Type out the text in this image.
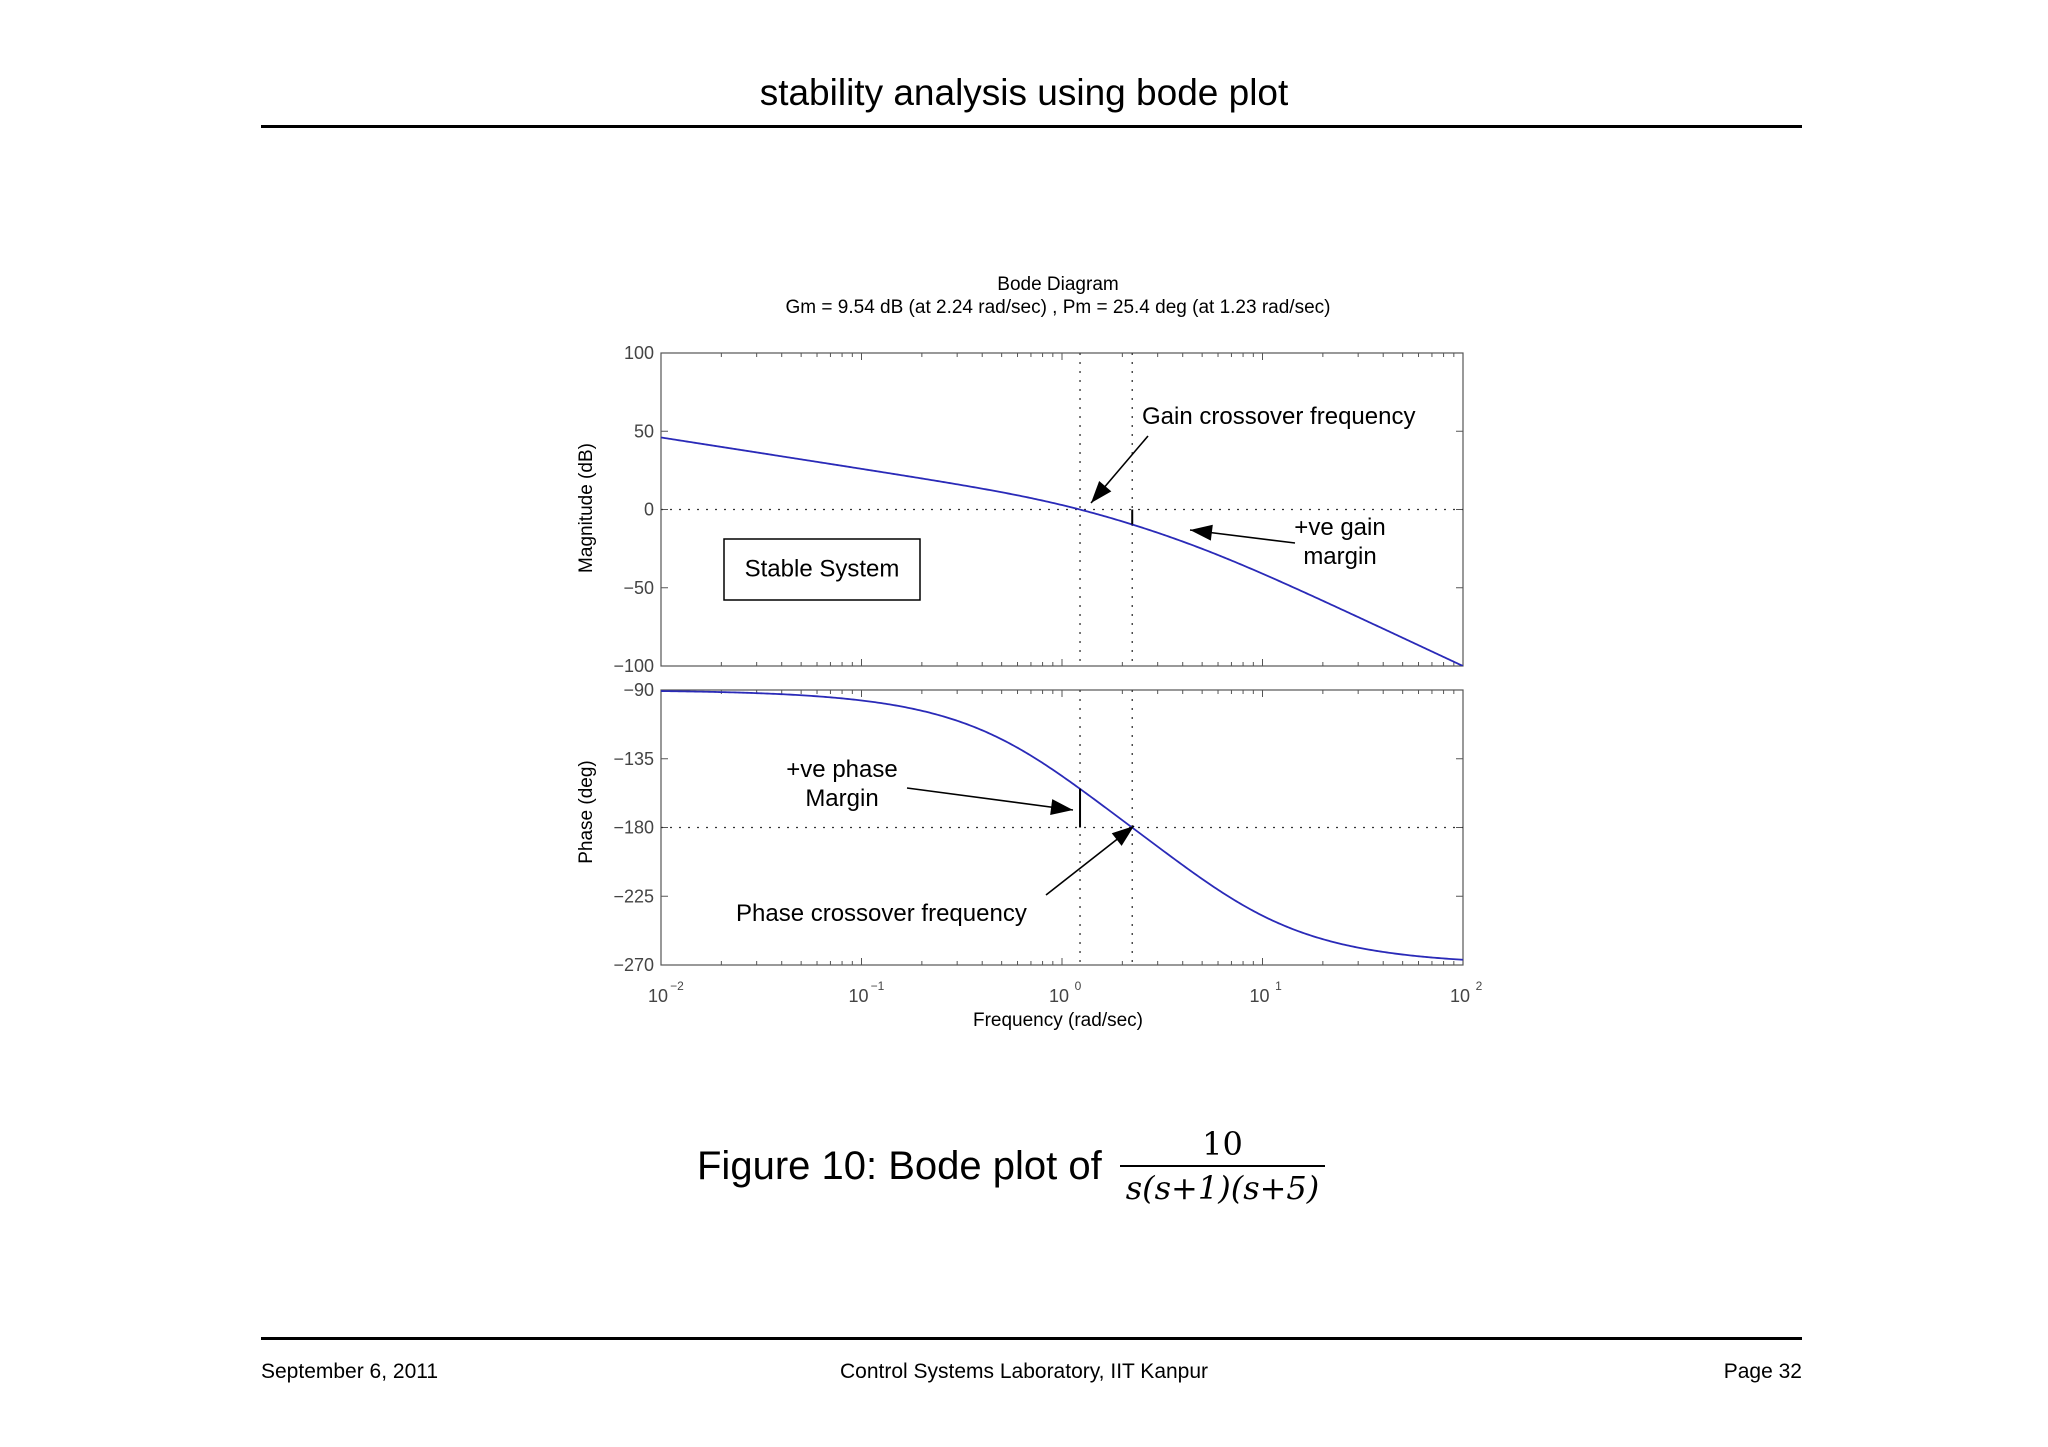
stability analysis using bode plot
Bode Diagram
Gm = 9.54 dB (at 2.24 rad/sec) , Pm = 25.4 deg (at 1.23 rad/sec)
100
50
0
−50
−100
−90
−135
−180
−225
−270
Magnitude (dB)
Phase (deg)
Frequency (rad/sec)
Gain crossover frequency
+ve gain
margin
Stable System
+ve phase
Margin
Phase crossover frequency
10 −2	10 −1	10 0	10 1	10 2
Figure 10: Bode plot of $\frac{10}{s(s+1)(s+5)}$
September 6, 2011	Control Systems Laboratory, IIT Kanpur	Page 32
